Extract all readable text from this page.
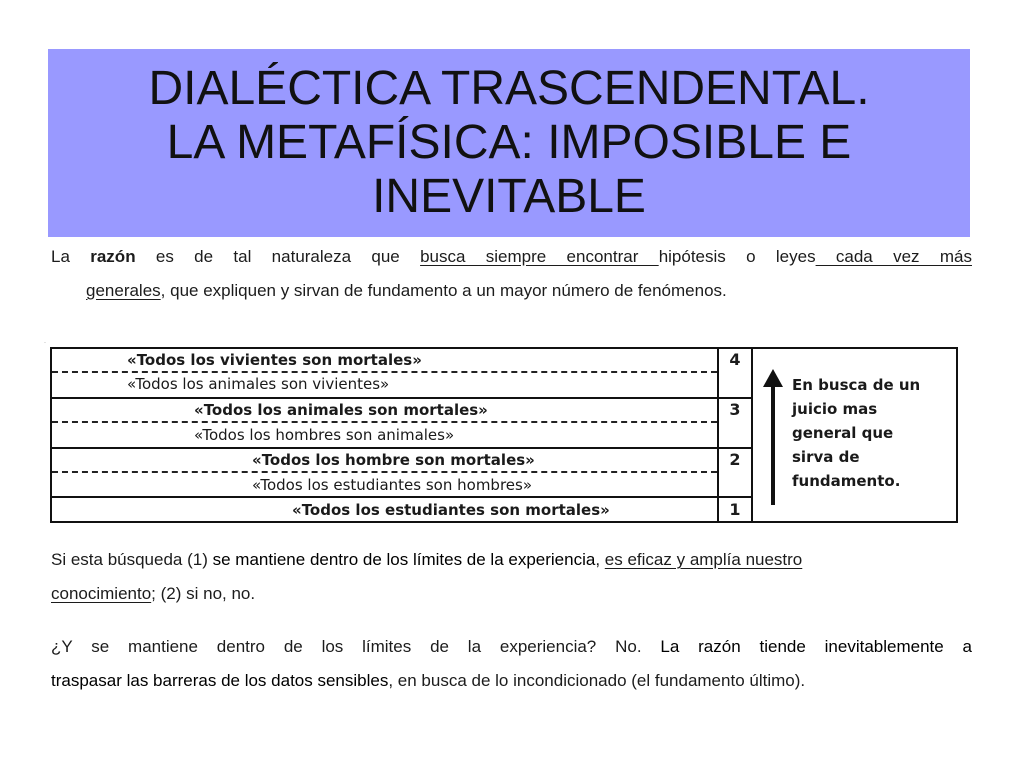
DIALÉCTICA TRASCENDENTAL.
LA METAFÍSICA: IMPOSIBLE E
INEVITABLE
La razón es de tal naturaleza que busca siempre encontrar hipótesis o leyes cada vez más
generales, que expliquen y sirvan de fundamento a un mayor número de fenómenos.
·
«Todos los vivientes son mortales»
«Todos los animales son vivientes»
«Todos los animales son mortales»
«Todos los hombres son animales»
«Todos los hombre son mortales»
«Todos los estudiantes son hombres»
«Todos los estudiantes son mortales»
4
3
2
1
En busca de un
juicio mas
general que
sirva de
fundamento.
Si esta búsqueda (1) se mantiene dentro de los límites de la experiencia, es eficaz y amplía nuestro
conocimiento; (2) si no, no.
¿Y se mantiene dentro de los límites de la experiencia? No. La razón tiende inevitablemente a
traspasar las barreras de los datos sensibles, en busca de lo incondicionado (el fundamento último).
